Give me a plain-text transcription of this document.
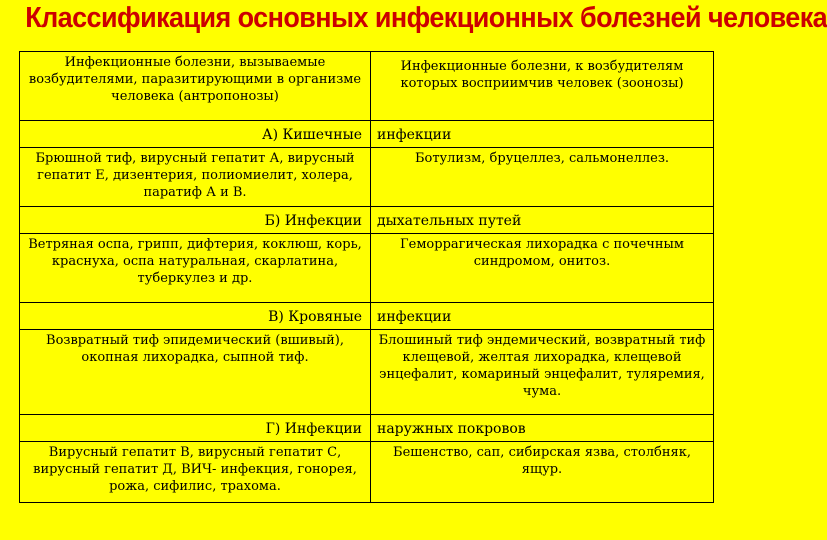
Классификация основных инфекционных болезней человека
Инфекционные болезни, вызываемые возбудителями, паразитирующими в организме человека (антропонозы)	Инфекционные болезни, к возбудителям которых восприимчив человек (зоонозы)
А) Кишечные	инфекции
Брюшной тиф, вирусный гепатит А, вирусный гепатит Е, дизентерия, полиомиелит, холера, паратиф А и В.	Ботулизм, бруцеллез, сальмонеллез.
Б) Инфекции	дыхательных путей
Ветряная оспа, грипп, дифтерия, коклюш, корь, краснуха, оспа натуральная, скарлатина, туберкулез и др.	Геморрагическая лихорадка с почечным синдромом, онитоз.
В) Кровяные	инфекции
Возвратный тиф эпидемический (вшивый), окопная лихорадка, сыпной тиф.	Блошиный тиф эндемический, возвратный тиф клещевой, желтая лихорадка, клещевой энцефалит, комариный энцефалит, туляремия, чума.
Г) Инфекции	наружных покровов
Вирусный гепатит В, вирусный гепатит С, вирусный гепатит Д, ВИЧ- инфекция, гонорея, рожа, сифилис, трахома.	Бешенство, сап, сибирская язва, столбняк, ящур.
